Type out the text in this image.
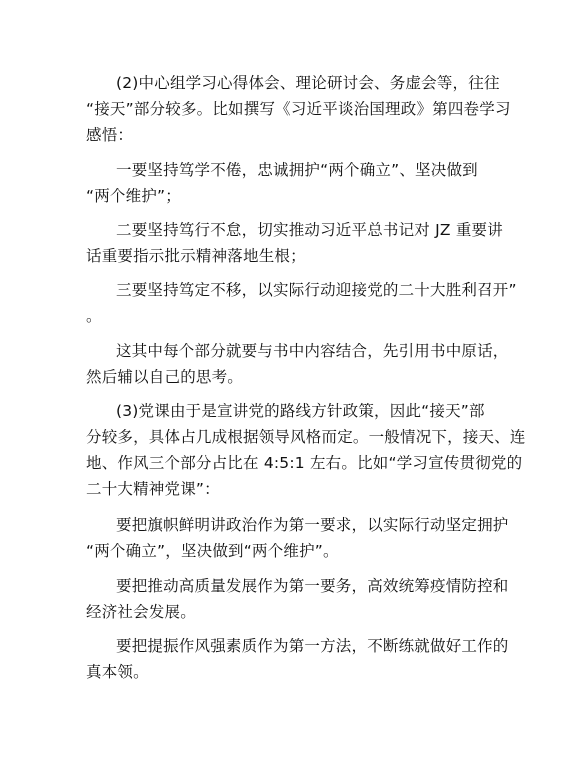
(2)中心组学习心得体会、理论研讨会、务虚会等，往往
“接天”部分较多。比如撰写《习近平谈治国理政》第四卷学习
感悟：
一要坚持笃学不倦，忠诚拥护“两个确立”、坚决做到
“两个维护”；
二要坚持笃行不怠，切实推动习近平总书记对 JZ 重要讲
话重要指示批示精神落地生根；
三要坚持笃定不移，以实际行动迎接党的二十大胜利召开”
。
这其中每个部分就要与书中内容结合，先引用书中原话，
然后辅以自己的思考。
(3)党课由于是宣讲党的路线方针政策，因此“接天”部
分较多，具体占几成根据领导风格而定。一般情况下，接天、连
地、作风三个部分占比在 4:5:1 左右。比如“学习宣传贯彻党的
二十大精神党课”：
要把旗帜鲜明讲政治作为第一要求，以实际行动坚定拥护
“两个确立”，坚决做到“两个维护”。
要把推动高质量发展作为第一要务，高效统筹疫情防控和
经济社会发展。
要把提振作风强素质作为第一方法，不断练就做好工作的
真本领。
